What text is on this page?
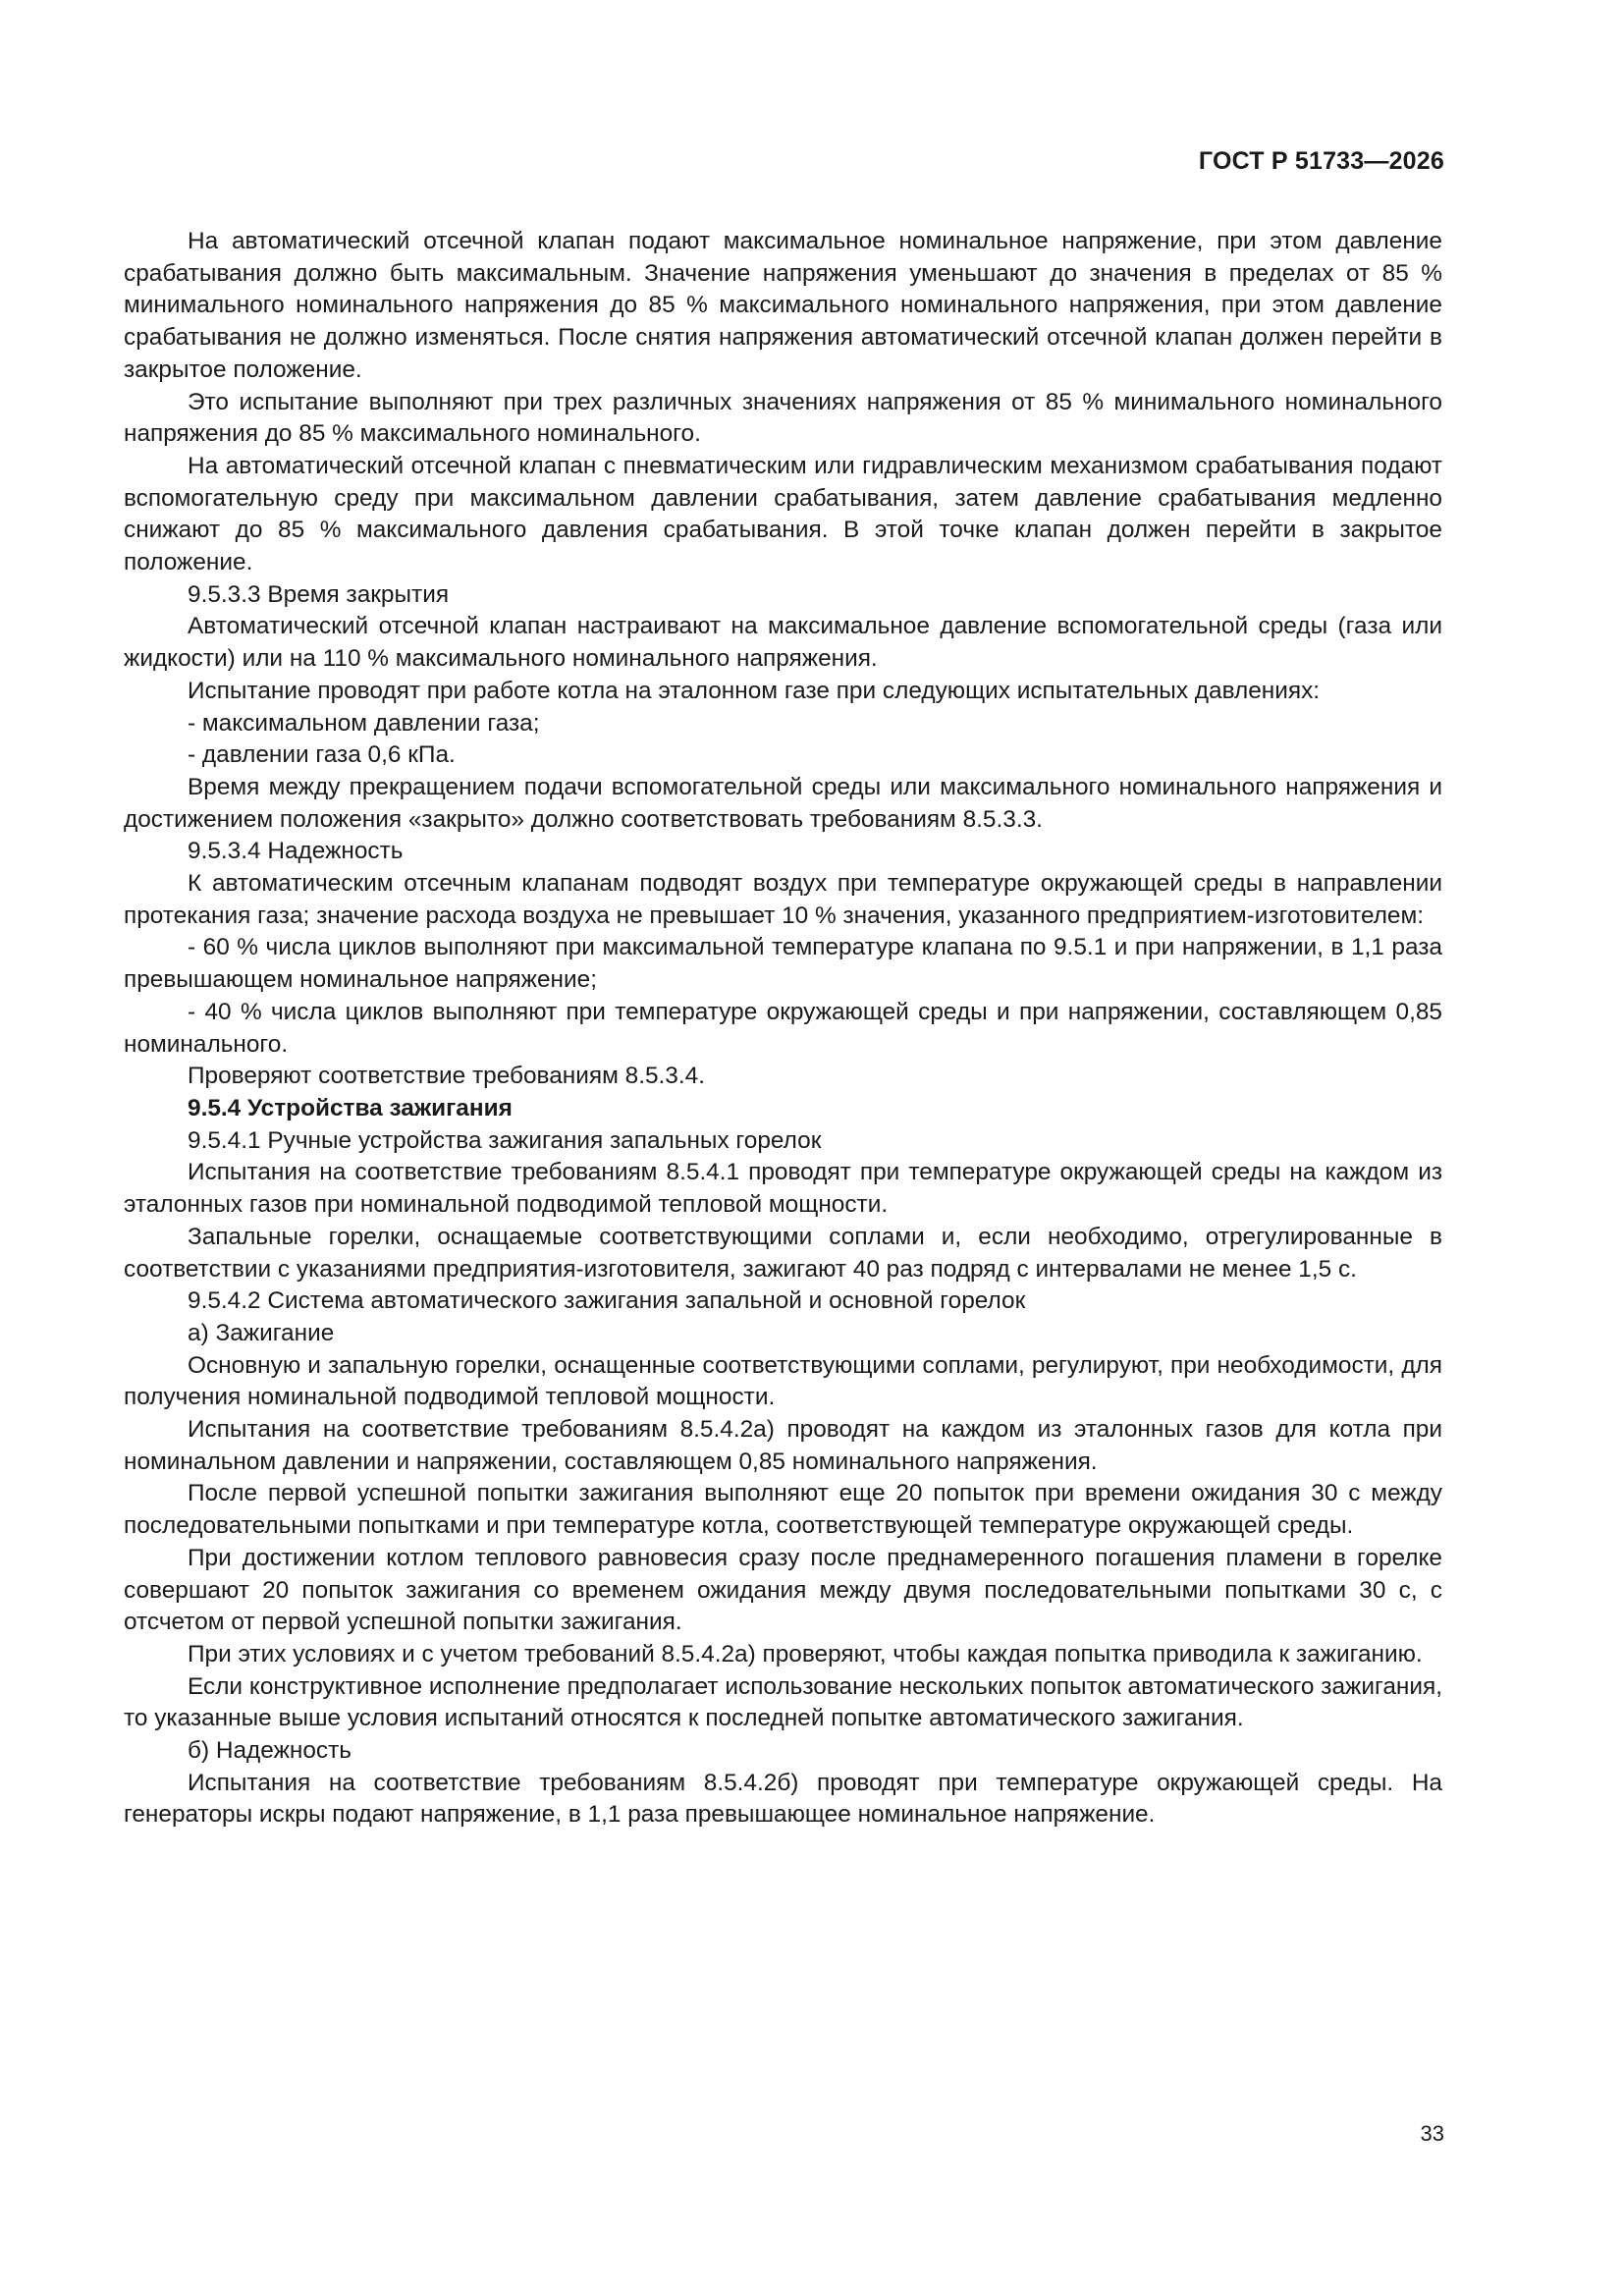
ГОСТ Р 51733—2026

На автоматический отсечной клапан подают максимальное номинальное напряжение, при этом давление срабатывания должно быть максимальным. Значение напряжения уменьшают до значения в пределах от 85 % минимального номинального напряжения до 85 % максимального номинального напряжения, при этом давление срабатывания не должно изменяться. После снятия напряжения автоматический отсечной клапан должен перейти в закрытое положение.

Это испытание выполняют при трех различных значениях напряжения от 85 % минимального номинального напряжения до 85 % максимального номинального.

На автоматический отсечной клапан с пневматическим или гидравлическим механизмом срабатывания подают вспомогательную среду при максимальном давлении срабатывания, затем давление срабатывания медленно снижают до 85 % максимального давления срабатывания. В этой точке клапан должен перейти в закрытое положение.

9.5.3.3 Время закрытия

Автоматический отсечной клапан настраивают на максимальное давление вспомогательной среды (газа или жидкости) или на 110 % максимального номинального напряжения.

Испытание проводят при работе котла на эталонном газе при следующих испытательных давлениях:

- максимальном давлении газа;

- давлении газа 0,6 кПа.

Время между прекращением подачи вспомогательной среды или максимального номинального напряжения и достижением положения «закрыто» должно соответствовать требованиям 8.5.3.3.

9.5.3.4 Надежность

К автоматическим отсечным клапанам подводят воздух при температуре окружающей среды в направлении протекания газа; значение расхода воздуха не превышает 10 % значения, указанного предприятием-изготовителем:

- 60 % числа циклов выполняют при максимальной температуре клапана по 9.5.1 и при напряжении, в 1,1 раза превышающем номинальное напряжение;

- 40 % числа циклов выполняют при температуре окружающей среды и при напряжении, составляющем 0,85 номинального.

Проверяют соответствие требованиям 8.5.3.4.

9.5.4 Устройства зажигания

9.5.4.1 Ручные устройства зажигания запальных горелок

Испытания на соответствие требованиям 8.5.4.1 проводят при температуре окружающей среды на каждом из эталонных газов при номинальной подводимой тепловой мощности.

Запальные горелки, оснащаемые соответствующими соплами и, если необходимо, отрегулированные в соответствии с указаниями предприятия-изготовителя, зажигают 40 раз подряд с интервалами не менее 1,5 с.

9.5.4.2 Система автоматического зажигания запальной и основной горелок

а) Зажигание

Основную и запальную горелки, оснащенные соответствующими соплами, регулируют, при необходимости, для получения номинальной подводимой тепловой мощности.

Испытания на соответствие требованиям 8.5.4.2а) проводят на каждом из эталонных газов для котла при номинальном давлении и напряжении, составляющем 0,85 номинального напряжения.

После первой успешной попытки зажигания выполняют еще 20 попыток при времени ожидания 30 с между последовательными попытками и при температуре котла, соответствующей температуре окружающей среды.

При достижении котлом теплового равновесия сразу после преднамеренного погашения пламени в горелке совершают 20 попыток зажигания со временем ожидания между двумя последовательными попытками 30 с, с отсчетом от первой успешной попытки зажигания.

При этих условиях и с учетом требований 8.5.4.2а) проверяют, чтобы каждая попытка приводила к зажиганию.

Если конструктивное исполнение предполагает использование нескольких попыток автоматического зажигания, то указанные выше условия испытаний относятся к последней попытке автоматического зажигания.

б) Надежность

Испытания на соответствие требованиям 8.5.4.2б) проводят при температуре окружающей среды. На генераторы искры подают напряжение, в 1,1 раза превышающее номинальное напряжение.

33
